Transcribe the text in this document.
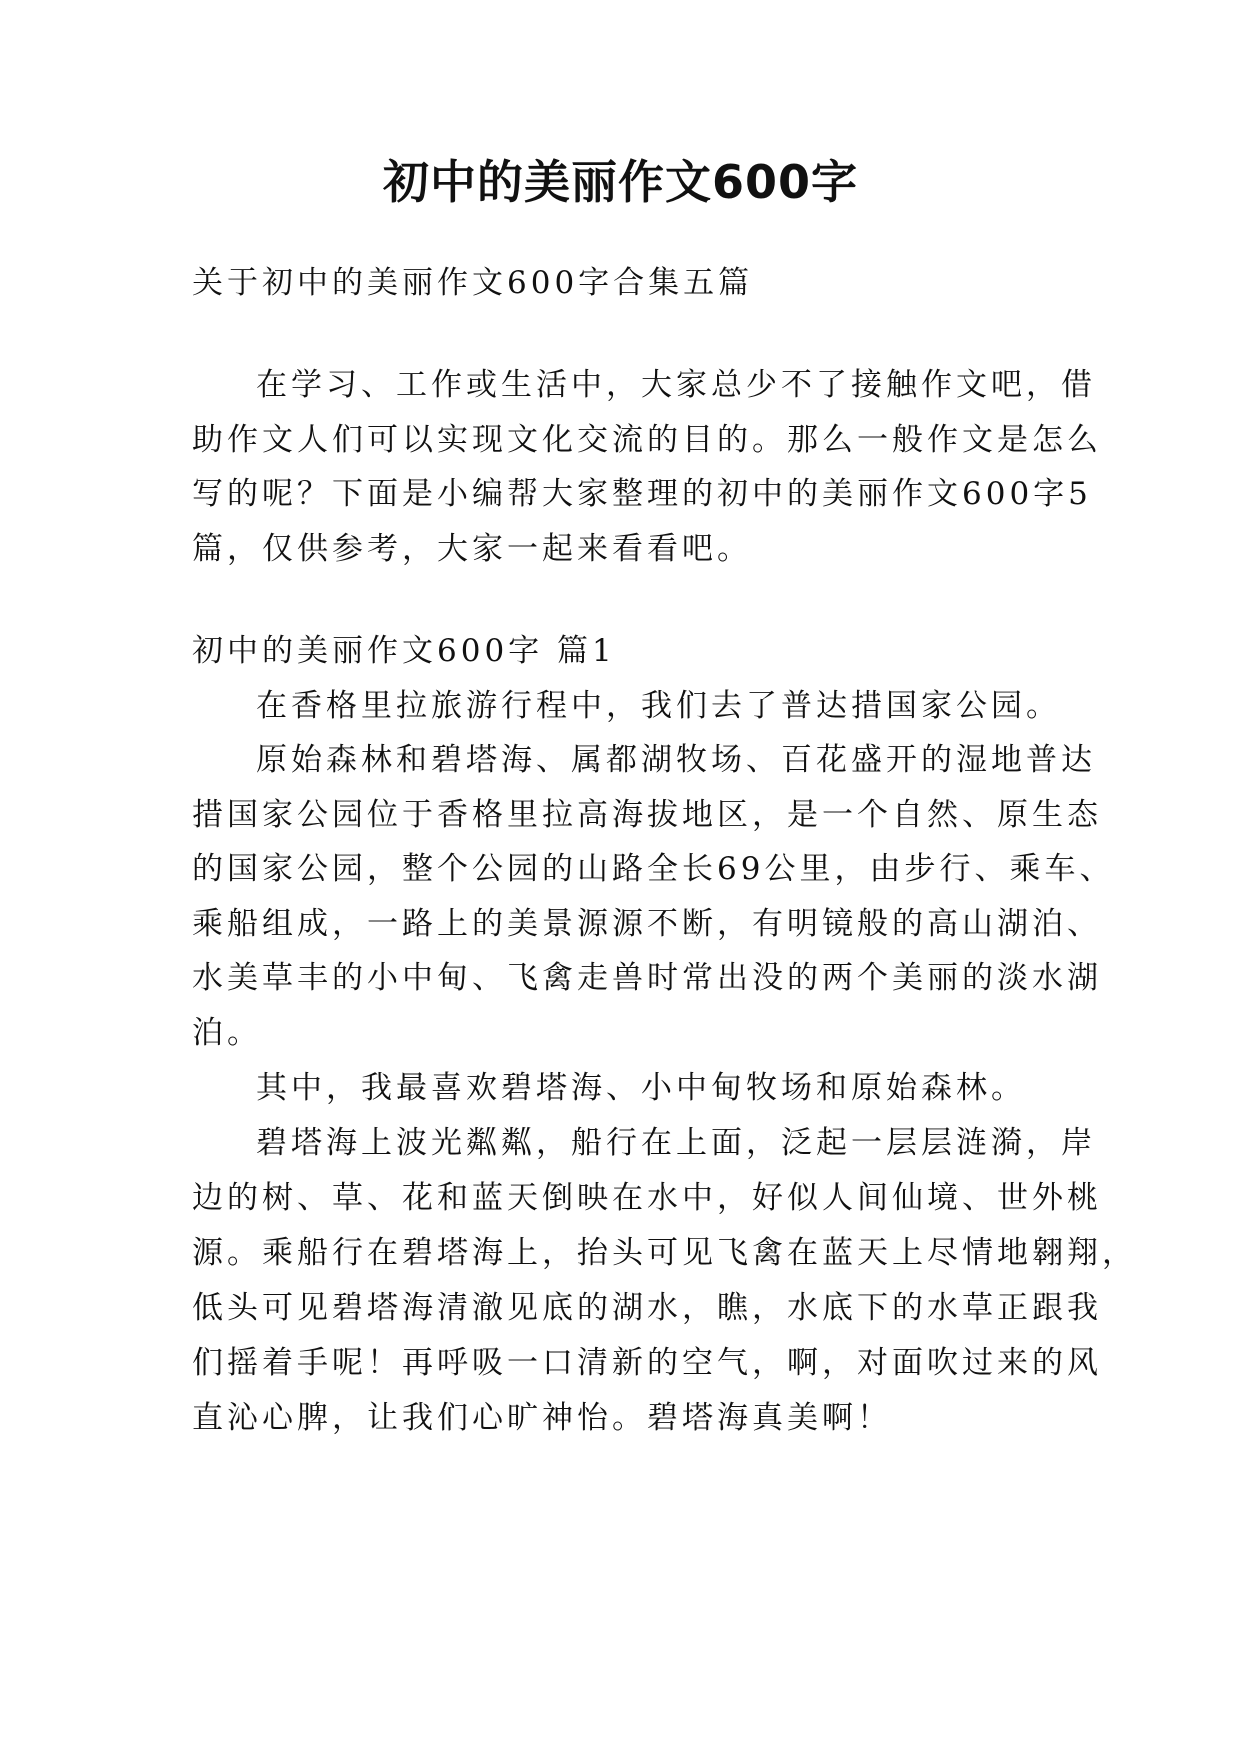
初中的美丽作文600字
关于初中的美丽作文600字合集五篇
在学习、工作或生活中，大家总少不了接触作文吧，借
助作文人们可以实现文化交流的目的。那么一般作文是怎么
写的呢？下面是小编帮大家整理的初中的美丽作文600字5
篇，仅供参考，大家一起来看看吧。
初中的美丽作文600字 篇1
在香格里拉旅游行程中，我们去了普达措国家公园。
原始森林和碧塔海、属都湖牧场、百花盛开的湿地普达
措国家公园位于香格里拉高海拔地区，是一个自然、原生态
的国家公园，整个公园的山路全长69公里，由步行、乘车、
乘船组成，一路上的美景源源不断，有明镜般的高山湖泊、
水美草丰的小中甸、飞禽走兽时常出没的两个美丽的淡水湖
泊。
其中，我最喜欢碧塔海、小中甸牧场和原始森林。
碧塔海上波光粼粼，船行在上面，泛起一层层涟漪，岸
边的树、草、花和蓝天倒映在水中，好似人间仙境、世外桃
源。乘船行在碧塔海上，抬头可见飞禽在蓝天上尽情地翱翔，
低头可见碧塔海清澈见底的湖水，瞧，水底下的水草正跟我
们摇着手呢！再呼吸一口清新的空气，啊，对面吹过来的风
直沁心脾，让我们心旷神怡。碧塔海真美啊！
